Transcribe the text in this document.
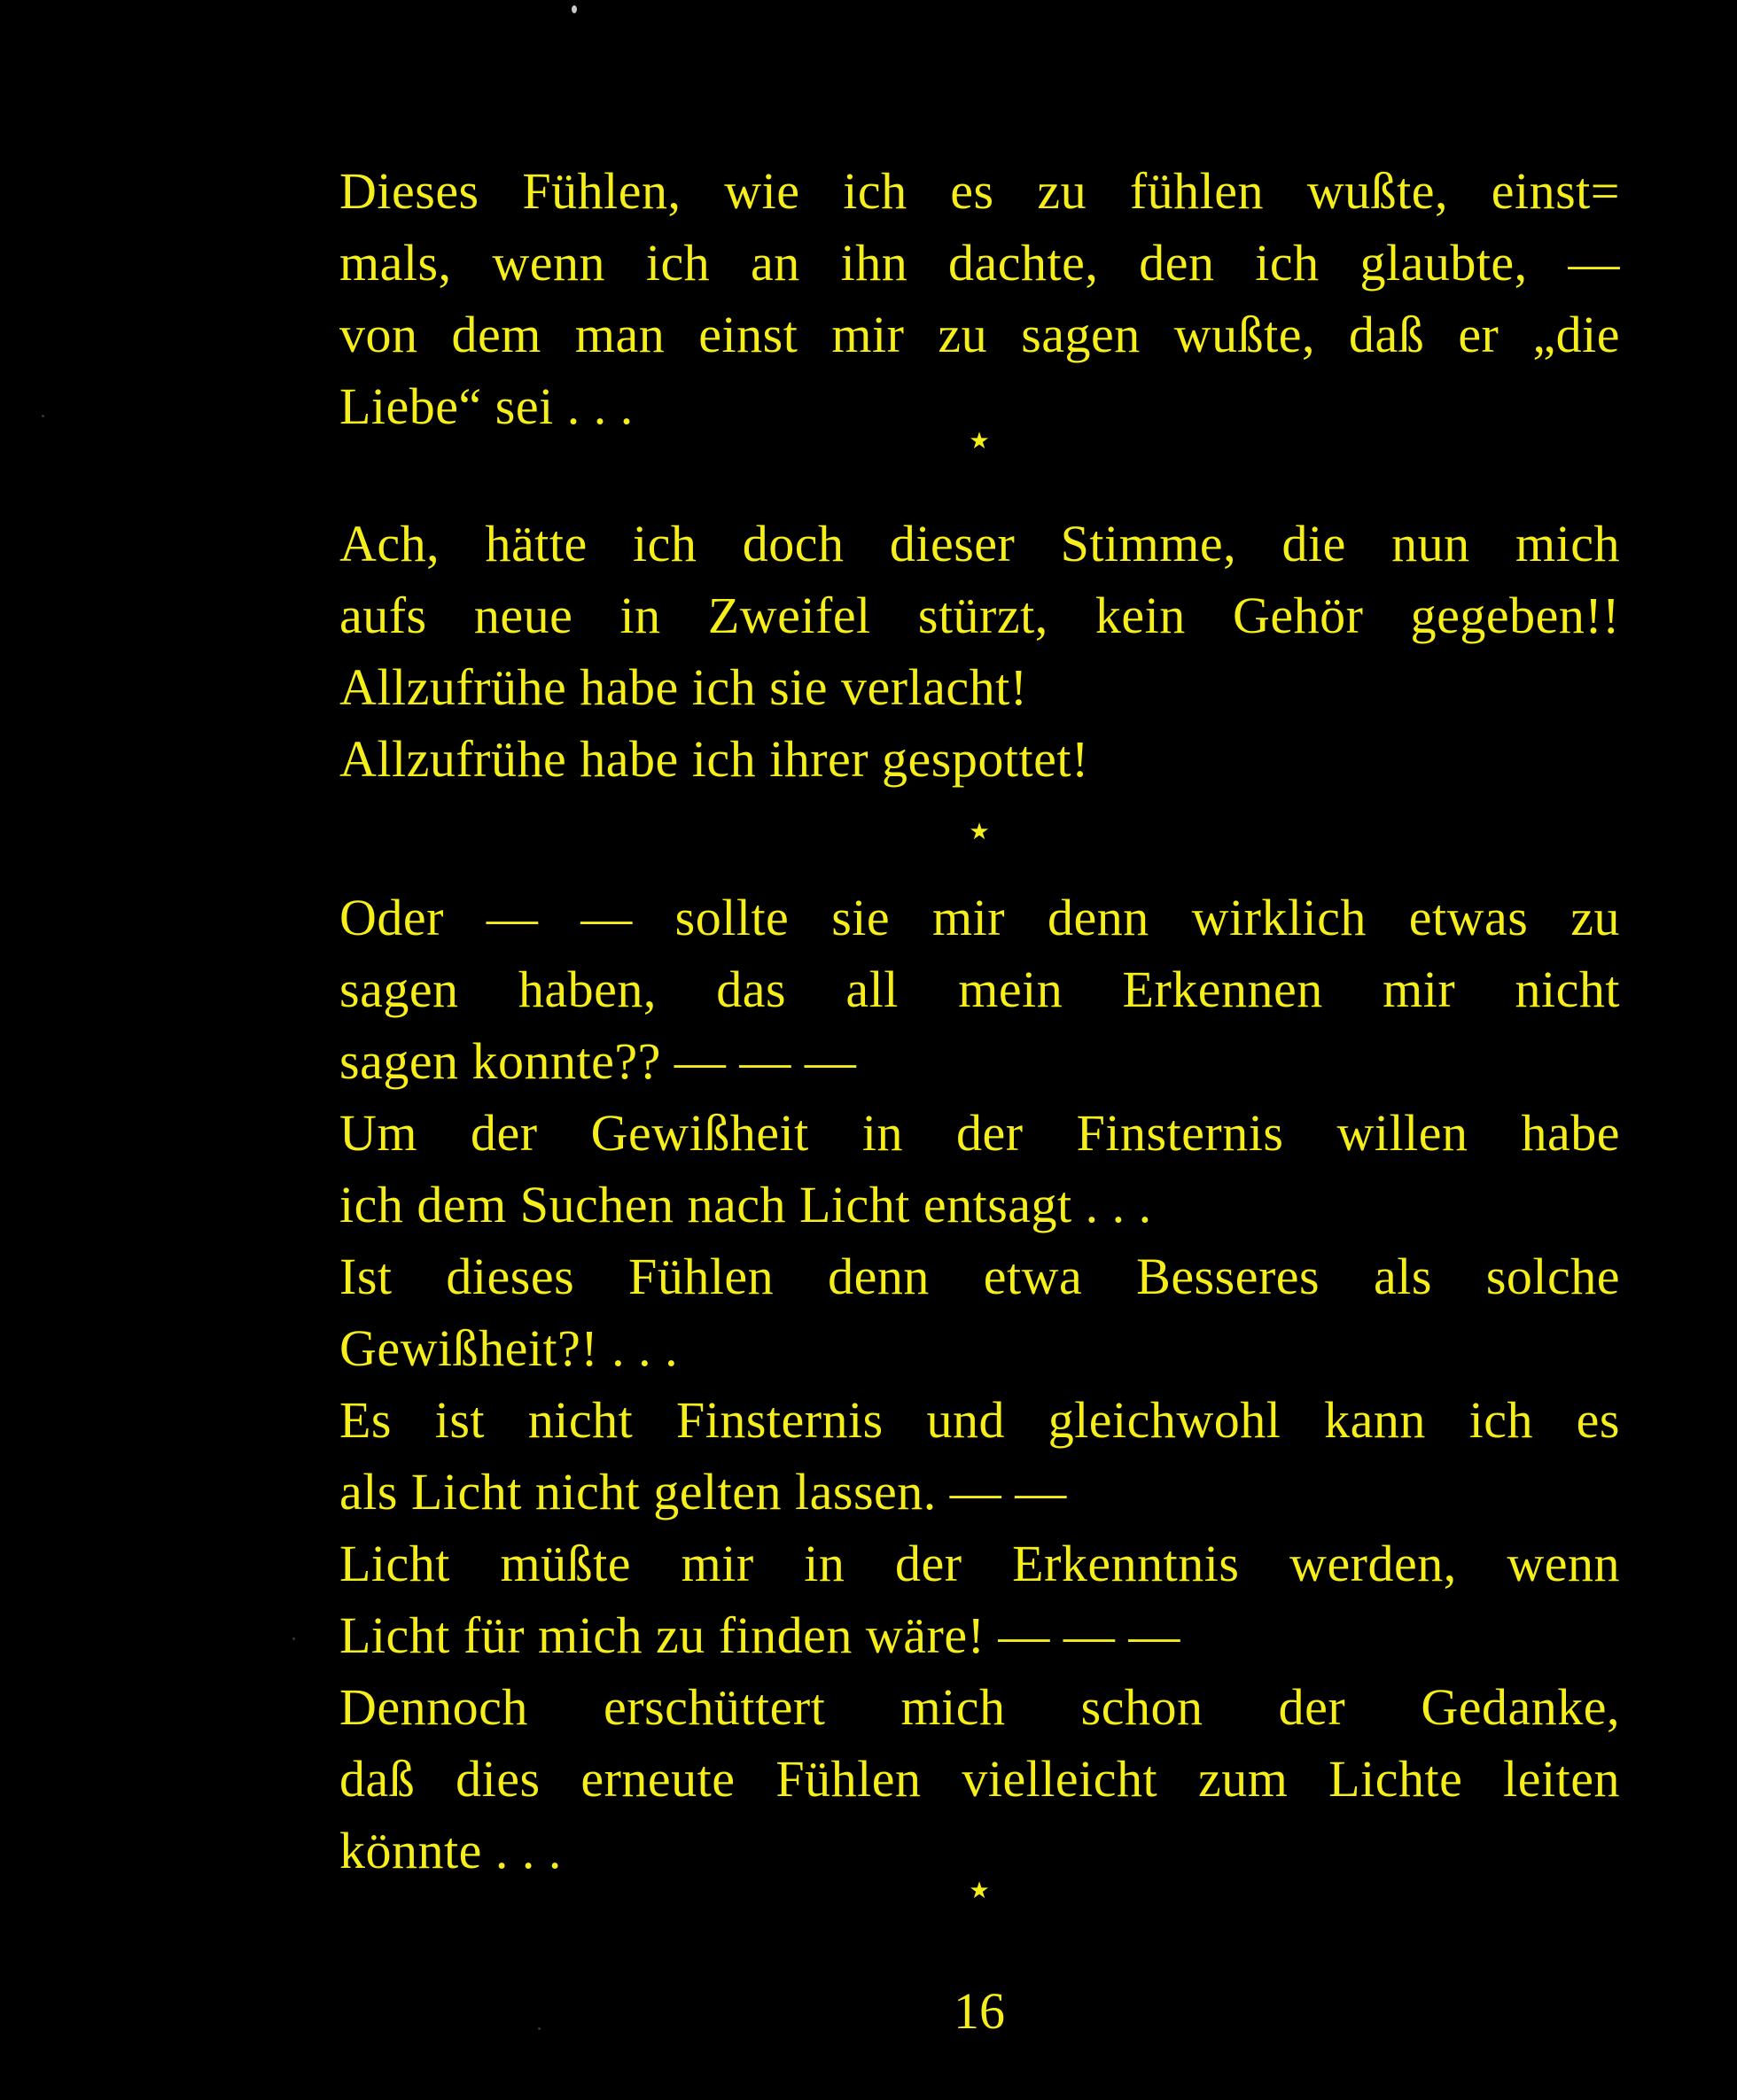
Dieses Fühlen, wie ich es zu fühlen wußte, einst=
mals, wenn ich an ihn dachte, den ich glaubte, —
von dem man einst mir zu sagen wußte, daß er „die
Liebe“ sei . . .
★
Ach, hätte ich doch dieser Stimme, die nun mich
aufs neue in Zweifel stürzt, kein Gehör gegeben!!
Allzufrühe habe ich sie verlacht!
Allzufrühe habe ich ihrer gespottet!
★
Oder — — sollte sie mir denn wirklich etwas zu
sagen haben, das all mein Erkennen mir nicht
sagen konnte?? — — —
Um der Gewißheit in der Finsternis willen habe
ich dem Suchen nach Licht entsagt . . .
Ist dieses Fühlen denn etwa Besseres als solche
Gewißheit?! . . .
Es ist nicht Finsternis und gleichwohl kann ich es
als Licht nicht gelten lassen. — —
Licht müßte mir in der Erkenntnis werden, wenn
Licht für mich zu finden wäre! — — —
Dennoch erschüttert mich schon der Gedanke,
daß dies erneute Fühlen vielleicht zum Lichte leiten
könnte . . .
★
16
